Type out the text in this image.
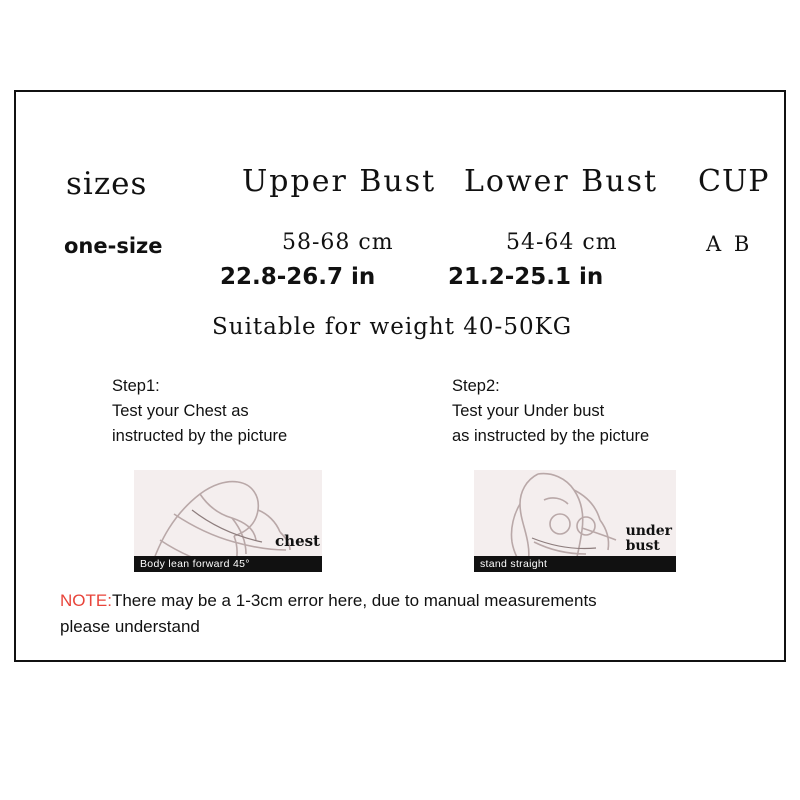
sizes	Upper Bust Lower Bust CUP
one-size	58-68 cm
22.8-26.7 in
54-64 cm
21.2-25.1 in
A B
Suitable for weight 40-50KG
Step1:
Test your Chest as
instructed by the picture
Step2:
Test your Under bust
as instructed by the picture
chest
Body lean forward 45°
under
bust
stand straight
NOTE:There may be a 1-3cm error here, due to manual measurements
please understand
